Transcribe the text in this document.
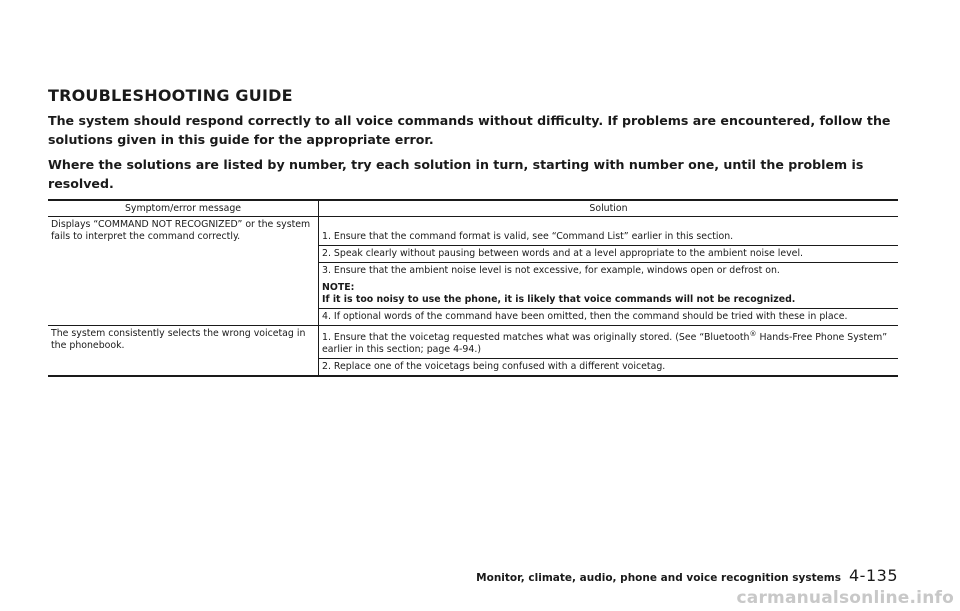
TROUBLESHOOTING GUIDE

The system should respond correctly to all voice commands without difficulty. If problems are encountered, follow the solutions given in this guide for the appropriate error.

Where the solutions are listed by number, try each solution in turn, starting with number one, until the problem is resolved.

Symptom/error message	Solution
Displays “COMMAND NOT RECOGNIZED” or the system fails to interpret the command correctly.	1. Ensure that the command format is valid, see “Command List” earlier in this section.
	2. Speak clearly without pausing between words and at a level appropriate to the ambient noise level.
	3. Ensure that the ambient noise level is not excessive, for example, windows open or defrost on.
NOTE:
If it is too noisy to use the phone, it is likely that voice commands will not be recognized.

	4. If optional words of the command have been omitted, then the command should be tried with these in place.
The system consistently selects the wrong voicetag in the phonebook.	1. Ensure that the voicetag requested matches what was originally stored. (See “Bluetooth® Hands-Free Phone System” earlier in this section; page 4-94.)
	2. Replace one of the voicetags being confused with a different voicetag.
Monitor, climate, audio, phone and voice recognition systems 4-135
carmanualsonline.info
